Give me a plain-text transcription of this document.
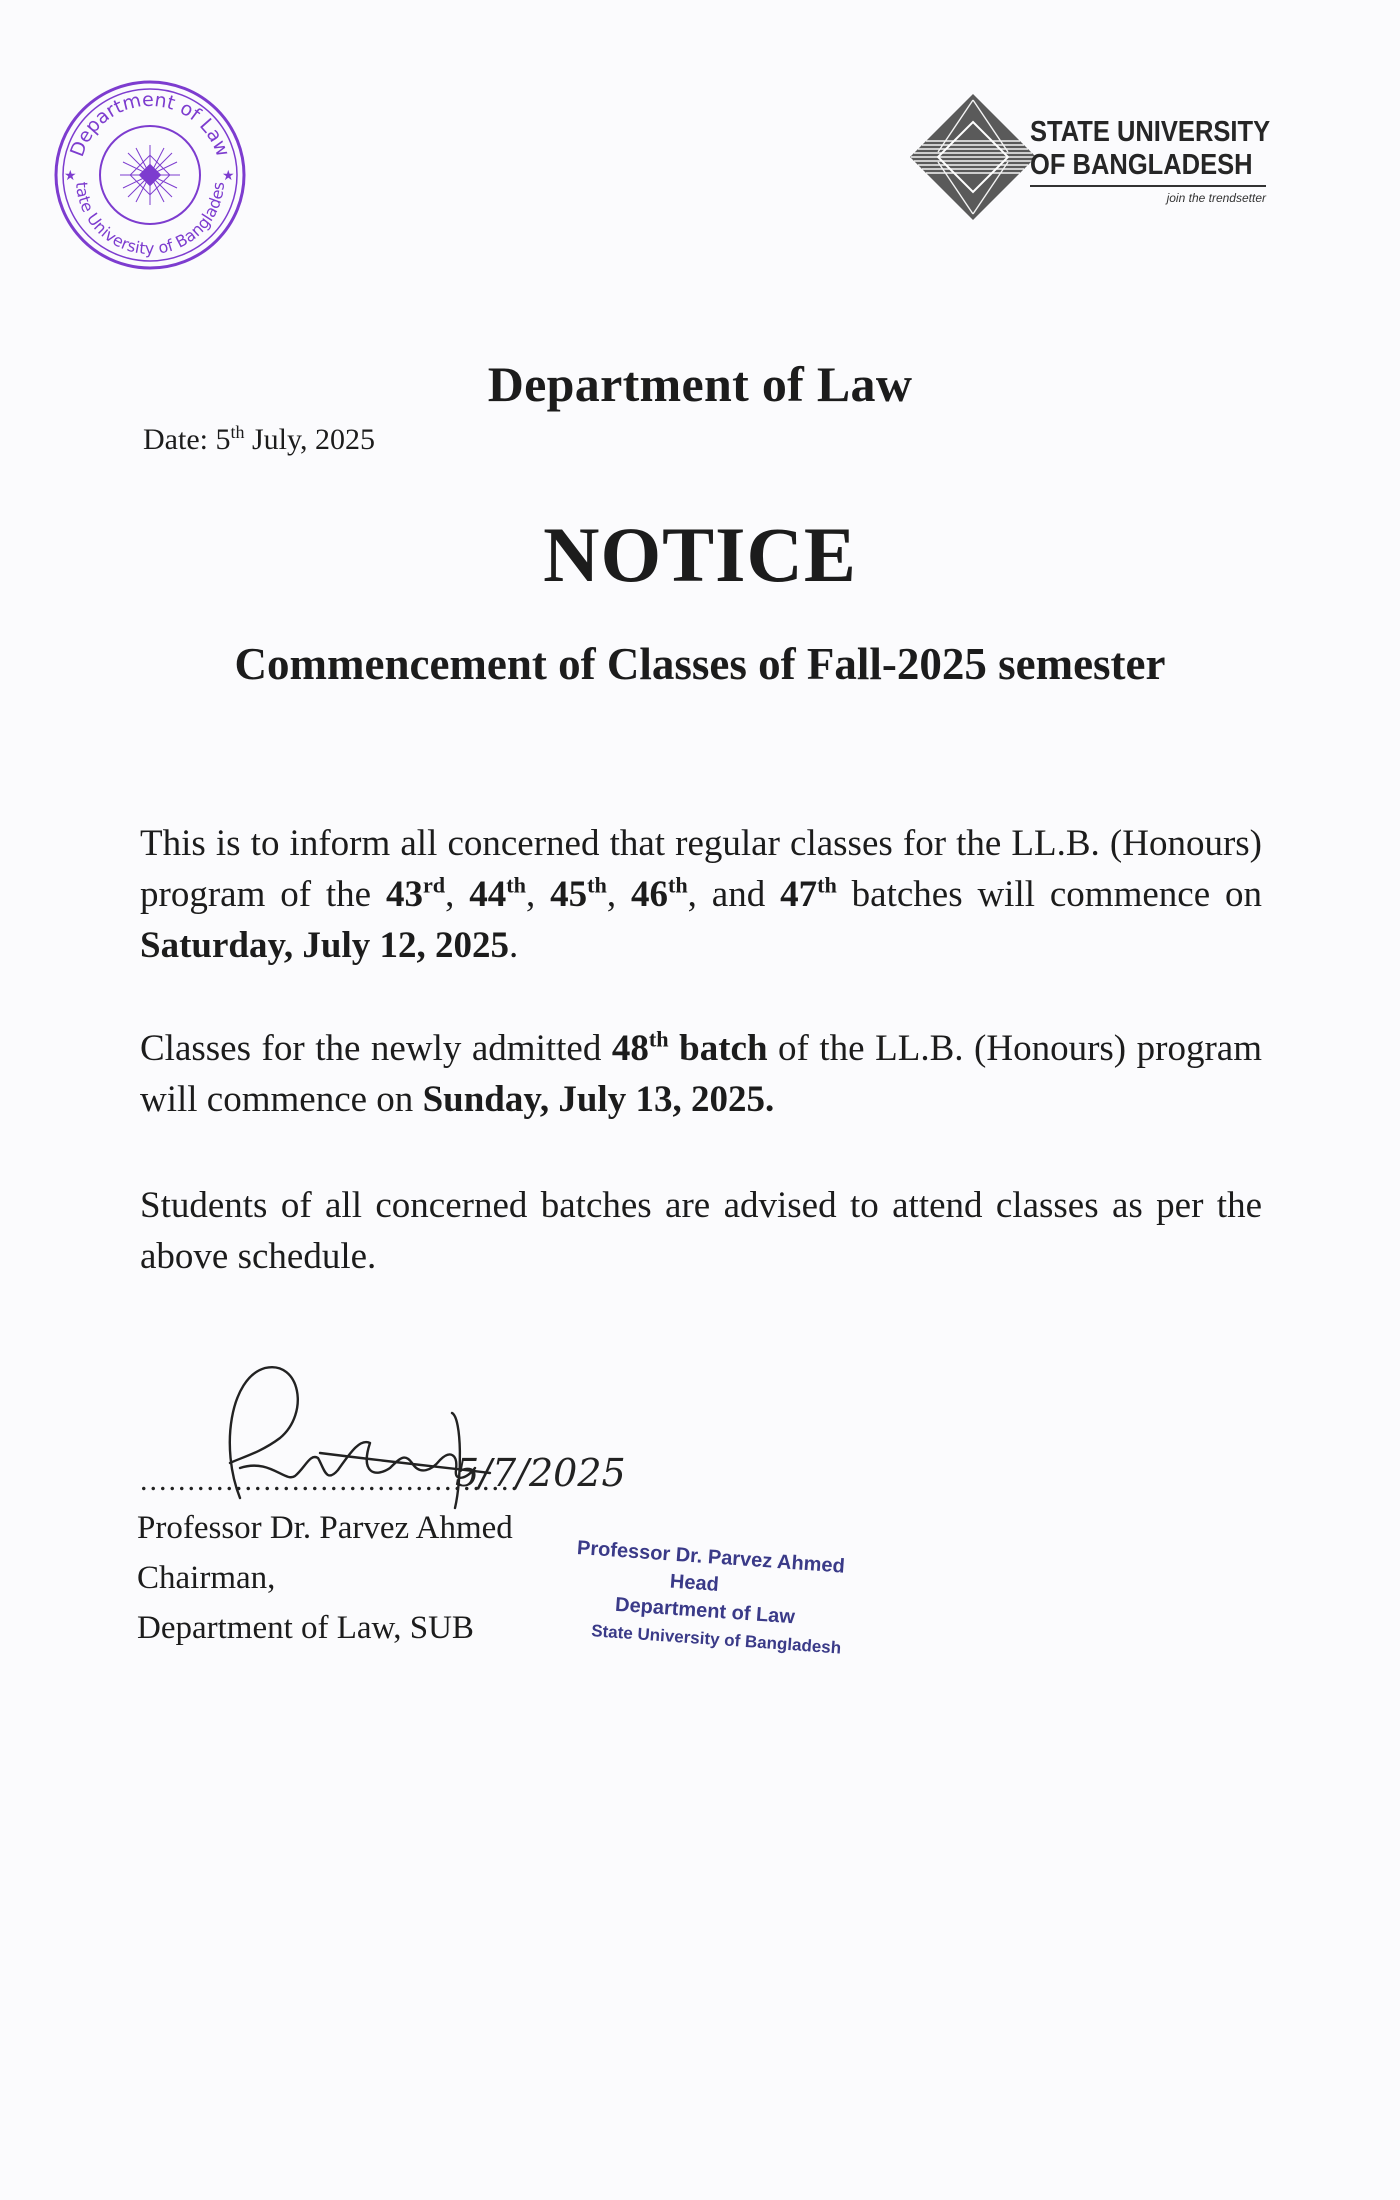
Department of Law
tate University of Banglades
★	★
STATE UNIVERSITY
OF BANGLADESH
join the trendsetter
Department of Law
Date: 5th July, 2025
NOTICE
Commencement of Classes of Fall-2025 semester
This is to inform all concerned that regular classes for the LL.B. (Honours) program of the 43rd, 44th, 45th, 46th, and 47th batches will commence on Saturday, July 12, 2025.
Classes for the newly admitted 48th batch of the LL.B. (Honours) program will commence on Sunday, July 13, 2025.
Students of all concerned batches are advised to attend classes as per the above schedule.
5/7/2025
........................................
Professor Dr. Parvez Ahmed
Chairman,
Department of Law, SUB
Professor Dr. Parvez Ahmed
Head
Department of Law
State University of Bangladesh
